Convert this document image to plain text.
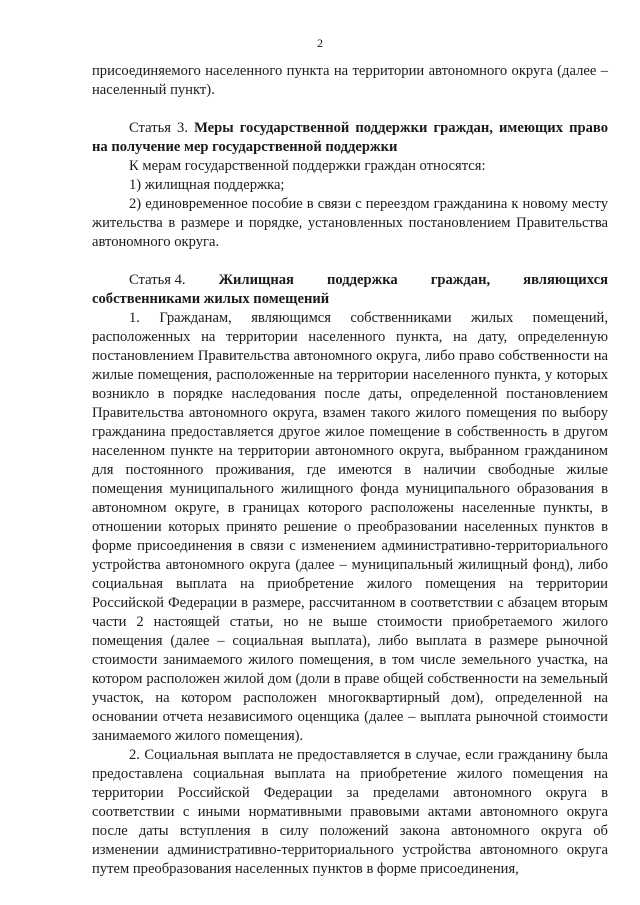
2

присоединяемого населенного пункта на территории автономного округа (далее – населенный пункт).

Статья 3. Меры государственной поддержки граждан, имеющих право на получение мер государственной поддержки

К мерам государственной поддержки граждан относятся:

1) жилищная поддержка;

2) единовременное пособие в связи с переездом гражданина к новому месту жительства в размере и порядке, установленных постановлением Правительства автономного округа.

Статья 4. Жилищная поддержка граждан, являющихся

собственниками жилых помещений

1. Гражданам, являющимся собственниками жилых помещений, расположенных на территории населенного пункта, на дату, определенную постановлением Правительства автономного округа, либо право собственности на жилые помещения, расположенные на территории населенного пункта, у которых возникло в порядке наследования после даты, определенной постановлением Правительства автономного округа, взамен такого жилого помещения по выбору гражданина предоставляется другое жилое помещение в собственность в другом населенном пункте на территории автономного округа, выбранном гражданином для постоянного проживания, где имеются в наличии свободные жилые помещения муниципального жилищного фонда муниципального образования в автономном округе, в границах которого расположены населенные пункты, в отношении которых принято решение о преобразовании населенных пунктов в форме присоединения в связи с изменением административно-территориального устройства автономного округа (далее – муниципальный жилищный фонд), либо социальная выплата на приобретение жилого помещения на территории Российской Федерации в размере, рассчитанном в соответствии с абзацем вторым части 2 настоящей статьи, но не выше стоимости приобретаемого жилого помещения (далее – социальная выплата), либо выплата в размере рыночной стоимости занимаемого жилого помещения, в том числе земельного участка, на котором расположен жилой дом (доли в праве общей собственности на земельный участок, на котором расположен многоквартирный дом), определенной на основании отчета независимого оценщика (далее – выплата рыночной стоимости занимаемого жилого помещения).

2. Социальная выплата не предоставляется в случае, если гражданину была предоставлена социальная выплата на приобретение жилого помещения на территории Российской Федерации за пределами автономного округа в соответствии с иными нормативными правовыми актами автономного округа после даты вступления в силу положений закона автономного округа об изменении административно-территориального устройства автономного округа путем преобразования населенных пунктов в форме присоединения,
